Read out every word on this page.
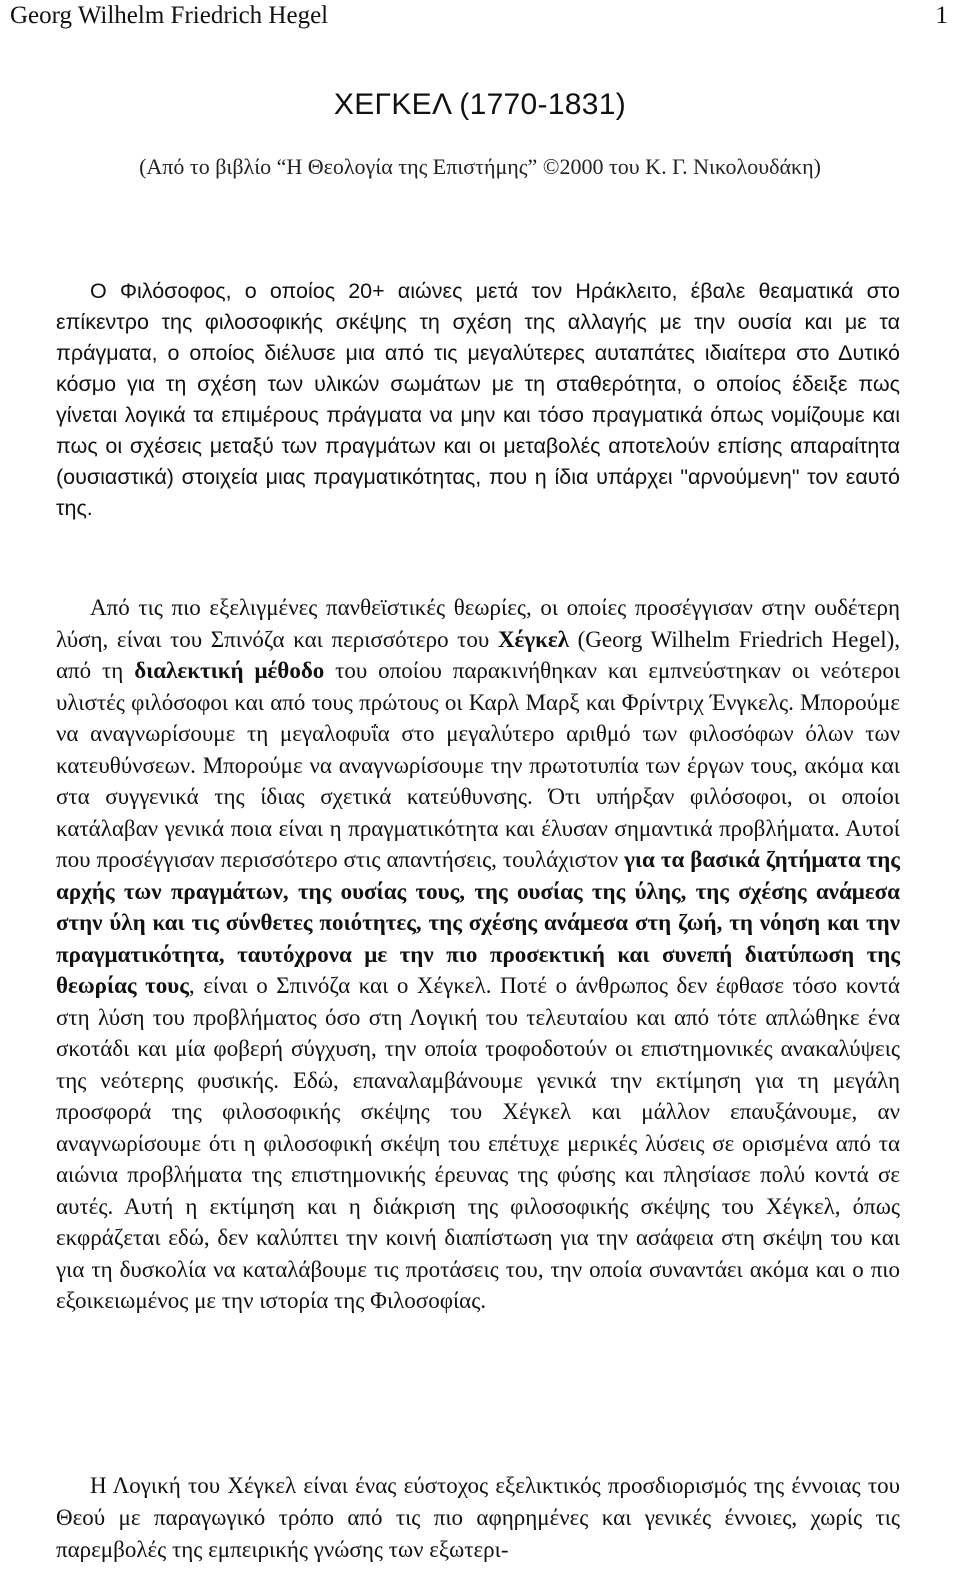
Georg Wilhelm Friedrich Hegel	1
ΧΕΓΚΕΛ (1770-1831)
(Από το βιβλίο “Η Θεολογία της Επιστήμης” ©2000 του Κ. Γ. Νικολουδάκη)

Ο Φιλόσοφος, ο οποίος 20+ αιώνες μετά τον Ηράκλειτο, έβαλε θεαματικά στο επίκεντρο της φιλοσοφικής σκέψης τη σχέση της αλλαγής με την ουσία και με τα πράγματα, ο οποίος διέλυσε μια από τις μεγαλύτερες αυταπάτες ιδιαίτερα στο Δυτικό κόσμο για τη σχέση των υλικών σωμάτων με τη σταθερότητα, ο οποίος έδειξε πως γίνεται λογικά τα επιμέρους πράγματα να μην και τόσο πραγματικά όπως νομίζουμε και πως οι σχέσεις μεταξύ των πραγμάτων και οι μεταβολές αποτελούν επίσης απαραίτητα (ουσιαστικά) στοιχεία μιας πραγματικότητας, που η ίδια υπάρχει "αρνούμενη" τον εαυτό της.

Από τις πιο εξελιγμένες πανθεϊστικές θεωρίες, οι οποίες προσέγγισαν στην ουδέτερη λύση, είναι του Σπινόζα και περισσότερο του Χέγκελ (Georg Wilhelm Friedrich Hegel), από τη διαλεκτική μέθοδο του οποίου παρακινήθηκαν και εμπνεύστηκαν οι νεότεροι υλιστές φιλόσοφοι και από τους πρώτους οι Καρλ Μαρξ και Φρίντριχ Ένγκελς. Μπορούμε να αναγνωρίσουμε τη μεγαλοφυΐα στο μεγαλύτερο αριθμό των φιλοσόφων όλων των κατευθύνσεων. Μπορούμε να αναγνωρίσουμε την πρωτοτυπία των έργων τους, ακόμα και στα συγγενικά της ίδιας σχετικά κατεύθυνσης. Ότι υπήρξαν φιλόσοφοι, οι οποίοι κατάλαβαν γενικά ποια είναι η πραγματικότητα και έλυσαν σημαντικά προβλήματα. Αυτοί που προσέγγισαν περισσότερο στις απαντήσεις, τουλάχιστον για τα βασικά ζητήματα της αρχής των πραγμάτων, της ουσίας τους, της ουσίας της ύλης, της σχέσης ανάμεσα στην ύλη και τις σύνθετες ποιότητες, της σχέσης ανάμεσα στη ζωή, τη νόηση και την πραγματικότητα, ταυτόχρονα με την πιο προσεκτική και συνεπή διατύπωση της θεωρίας τους, είναι ο Σπινόζα και ο Χέγκελ. Ποτέ ο άνθρωπος δεν έφθασε τόσο κοντά στη λύση του προβλήματος όσο στη Λογική του τελευταίου και από τότε απλώθηκε ένα σκοτάδι και μία φοβερή σύγχυση, την οποία τροφοδοτούν οι επιστημονικές ανακαλύψεις της νεότερης φυσικής. Εδώ, επαναλαμβάνουμε γενικά την εκτίμηση για τη μεγάλη προσφορά της φιλοσοφικής σκέψης του Χέγκελ και μάλλον επαυξάνουμε, αν αναγνωρίσουμε ότι η φιλοσοφική σκέψη του επέτυχε μερικές λύσεις σε ορισμένα από τα αιώνια προβλήματα της επιστημονικής έρευνας της φύσης και πλησίασε πολύ κοντά σε αυτές. Αυτή η εκτίμηση και η διάκριση της φιλοσοφικής σκέψης του Χέγκελ, όπως εκφράζεται εδώ, δεν καλύπτει την κοινή διαπίστωση για την ασάφεια στη σκέψη του και για τη δυσκολία να καταλάβουμε τις προτάσεις του, την οποία συναντάει ακόμα και ο πιο εξοικειωμένος με την ιστορία της Φιλοσοφίας.

Η Λογική του Χέγκελ είναι ένας εύστοχος εξελικτικός προσδιορισμός της έννοιας του Θεού με παραγωγικό τρόπο από τις πιο αφηρημένες και γενικές έννοιες, χωρίς τις παρεμβολές της εμπειρικής γνώσης των εξωτερι-
